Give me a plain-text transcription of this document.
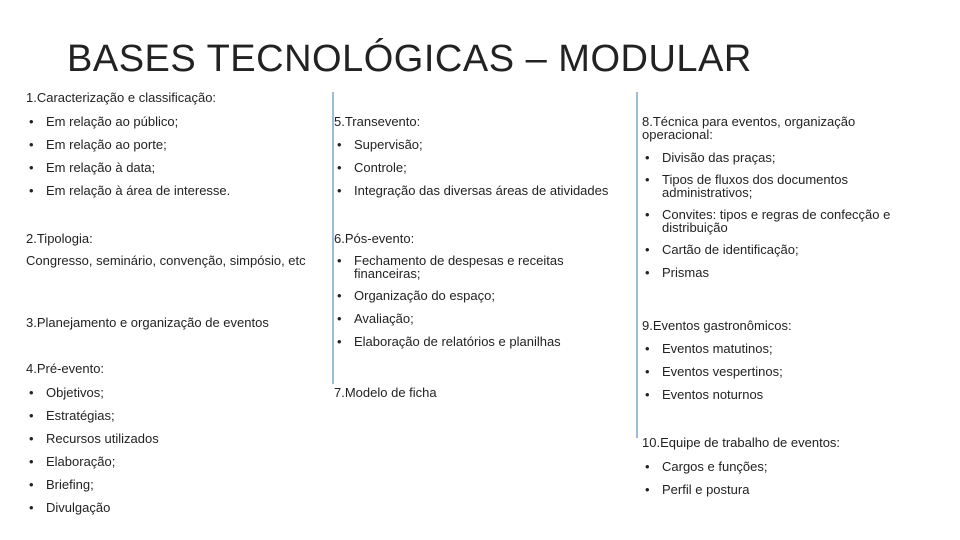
BASES TECNOLÓGICAS – MODULAR
1.Caracterização e classificação:
• Em relação ao público;
• Em relação ao porte;
• Em relação à data;
• Em relação à área de interesse.
2.Tipologia:
Congresso, seminário, convenção, simpósio, etc
3.Planejamento e organização de eventos
4.Pré-evento:
• Objetivos;
• Estratégias;
• Recursos utilizados
• Elaboração;
• Briefing;
• Divulgação
5.Transevento:
• Supervisão;
• Controle;
• Integração das diversas áreas de atividades
6.Pós-evento:
• Fechamento de despesas e receitas financeiras;
• Organização do espaço;
• Avaliação;
• Elaboração de relatórios e planilhas
7.Modelo de ficha
8.Técnica para eventos, organização operacional:
• Divisão das praças;
• Tipos de fluxos dos documentos administrativos;
• Convites: tipos e regras de confecção e distribuição
• Cartão de identificação;
• Prismas
9.Eventos gastronômicos:
• Eventos matutinos;
• Eventos vespertinos;
• Eventos noturnos
10.Equipe de trabalho de eventos:
• Cargos e funções;
• Perfil e postura
